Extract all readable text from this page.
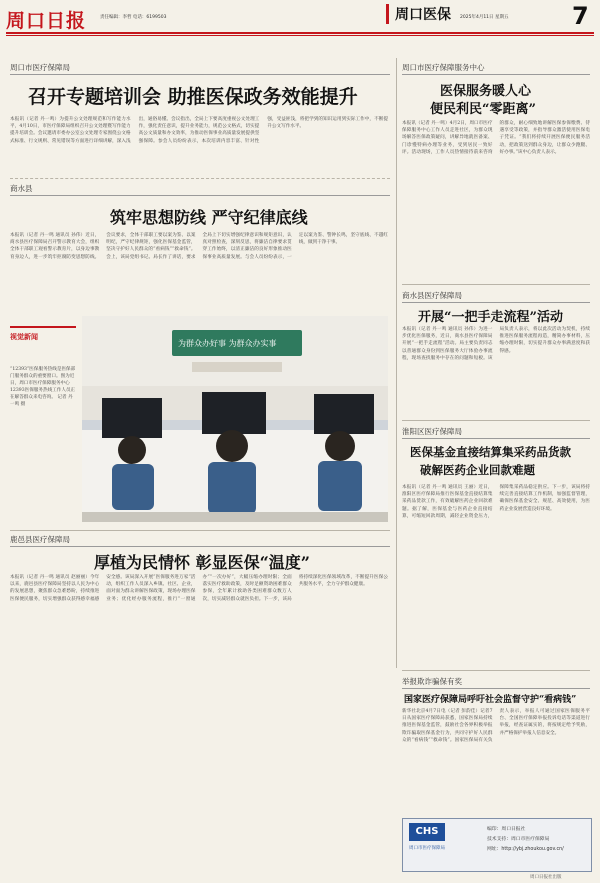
周口日报	责任编辑：李哲 电话：6199503	2025年4月11日 星期五
周口医保	7
周口市医疗保障局
召开专题培训会 助推医保政务效能提升
本报讯（记者 丹一鸣）为提升公文处理规范和写作能力水平，4月10日，市医疗保障局组织召开公文处理暨写作能力提升培训会。会议邀请市委办公室公文处理专家围绕公文格式标准、行文规则、常见错误等方面进行详细讲解，深入浅出，通俗易懂。会议指出，全局上下要高度重视公文处理工作，强化责任意识，提升业务能力，规范公文格式，切实提高公文质量和办文效率，为推动医保事业高质量发展提供坚强保障。参会人员纷纷表示，本次培训内容丰富、针对性强，受益匪浅，将把学到的知识运用到实际工作中，不断提升公文写作水平。
周口市医疗保障服务中心
医保服务暖人心
便民利民“零距离”
本报讯（记者 丹一鸣）4月2日，周口市医疗保障服务中心工作人员走进社区，为群众现场解答医保政策疑问，讲解异地就医备案、门诊慢特病办理等业务，受到居民一致好评。活动现场，工作人员热情接待前来咨询的群众，耐心细致地讲解医保参保缴费、待遇享受等政策，并指导群众激活使用医保电子凭证。“我们将持续开展医保便民服务活动，把政策送到群众身边，让群众少跑腿、好办事。”该中心负责人表示。
商水县
筑牢思想防线 严守纪律底线
本报讯（记者 丹一鸣 通讯员 孙伟）近日，商水县医疗保障局召开警示教育大会，组织全体干部职工观看警示教育片，以身边事教育身边人，进一步筑牢拒腐防变思想防线。会议要求，全体干部职工要以案为鉴、以案明纪，严守纪律规矩，强化医保基金监管，坚决守护好人民群众的“看病钱”“救命钱”。会上，该局党组书记、局长作了讲话，要求全局上下切实增强纪律意识和规矩意识，认真对照检查，深刻反思，将廉洁自律要求贯穿工作始终，以清正廉洁的良好形象推动医保事业高质量发展。与会人员纷纷表示，一定以案为鉴、警钟长鸣，坚守底线、不越红线，做到干净干事。
为群众办好事 为群众办实事
视觉新闻
“12393”医保服务热线是医保部门服务群众的重要窗口。图为近日，周口市医疗保障服务中心12393医保服务热线工作人员正在解答群众来电咨询。 记者 丹一鸣 摄
商水县医疗保障局
开展“一把手走流程”活动
本报讯（记者 丹一鸣 通讯员 孙伟）为进一步优化医保服务，近日，商水县医疗保障局开展“一把手走流程”活动。局主要负责同志以普通群众身份到医保服务大厅体验办事流程，现场查找服务中存在的问题和短板。该局负责人表示，将以此次活动为契机，持续推进医保服务流程再造，精简办事材料，压缩办理时限，切实提升群众办事满意度和获得感。
淮阳区医疗保障局
医保基金直接结算集采药品货款
破解医药企业回款难题
本报讯（记者 丹一鸣 通讯员 王丽）近日，淮阳区医疗保障局推行医保基金直接结算集采药品货款工作，有效破解医药企业回款难题。据了解，医保基金与医药企业直接结算，可缩短回款周期，减轻企业资金压力，保障集采药品稳定供应。下一步，该局将持续完善直接结算工作机制，加强监督管理，确保医保基金安全、规范、高效使用，为医药企业发展营造良好环境。
鹿邑县医疗保障局
厚植为民情怀 彰显医保“温度”
本报讯（记者 丹一鸣 通讯员 赵丽丽）今年以来，鹿邑县医疗保障局坚持以人民为中心的发展思想，聚焦群众急难愁盼，持续推进医保便民服务，切实增强群众获得感幸福感安全感。该局深入开展“医保服务进万家”活动，组织工作人员深入乡镇、社区、企业，面对面为群众讲解医保政策，现场办理医保业务；优化经办服务流程，推行“一窗通办”“一次办好”，大幅压缩办理时限；全面落实医疗救助政策，及时足额资助困难群众参保，全年累计救助各类困难群众数万人次，切实减轻群众就医负担。下一步，该局将持续深化医保领域改革，不断提升医保公共服务水平，全力守护群众健康。
举报欺诈骗保有奖
国家医疗保障局呼吁社会监督守护“看病钱”
新华社北京4月7日电（记者 彭韵佳）记者7日从国家医疗保障局获悉，国家医保局持续推进医保基金监管，鼓励社会各界积极举报欺诈骗取医保基金行为，共同守护好人民群众的“看病钱”“救命钱”。国家医保局有关负责人表示，举报人可通过国家医保服务平台、全国医疗保障举报投诉电话等渠道进行举报，经查证属实的，将按规定给予奖励，并严格保护举报人信息安全。
CHS
周口市医疗保障局
编印：周口日报社
技术支持：周口市医疗保障局
网址：http://ybj.zhoukou.gov.cn/
周口日报社出版
